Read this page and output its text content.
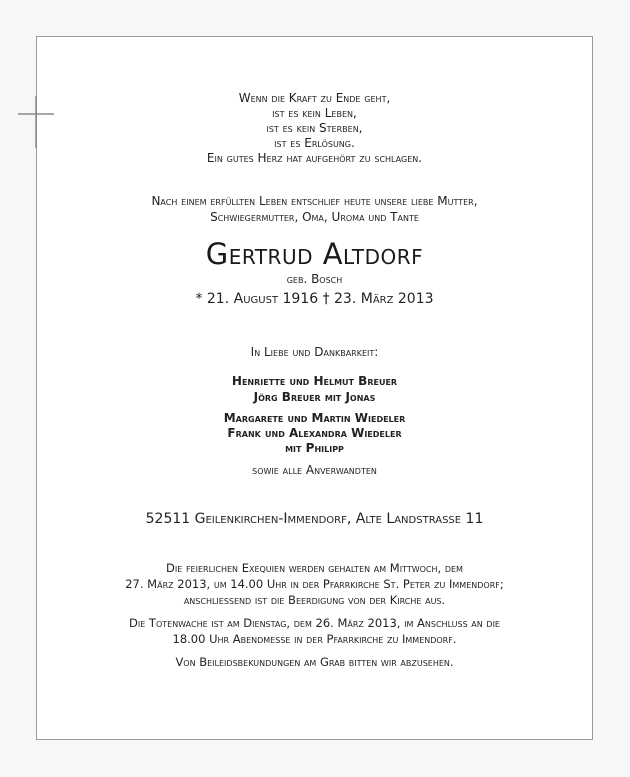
Wenn die Kraft zu Ende geht,
ist es kein Leben,
ist es kein Sterben,
ist es Erlösung.
Ein gutes Herz hat aufgehört zu schlagen.
Nach einem erfüllten Leben entschlief heute unsere liebe Mutter,
Schwiegermutter, Oma, Uroma und Tante
Gertrud Altdorf
geb. Bosch
* 21. August 1916 † 23. März 2013
In Liebe und Dankbarkeit:
Henriette und Helmut Breuer
Jörg Breuer mit Jonas
Margarete und Martin Wiedeler
Frank und Alexandra Wiedeler
mit Philipp
sowie alle Anverwandten
52511 Geilenkirchen-Immendorf, Alte Landstrasse 11
Die feierlichen Exequien werden gehalten am Mittwoch, dem
27. März 2013, um 14.00 Uhr in der Pfarrkirche St. Peter zu Immendorf;
anschliessend ist die Beerdigung von der Kirche aus.
Die Totenwache ist am Dienstag, dem 26. März 2013, im Anschluss an die
18.00 Uhr Abendmesse in der Pfarrkirche zu Immendorf.
Von Beileidsbekundungen am Grab bitten wir abzusehen.
